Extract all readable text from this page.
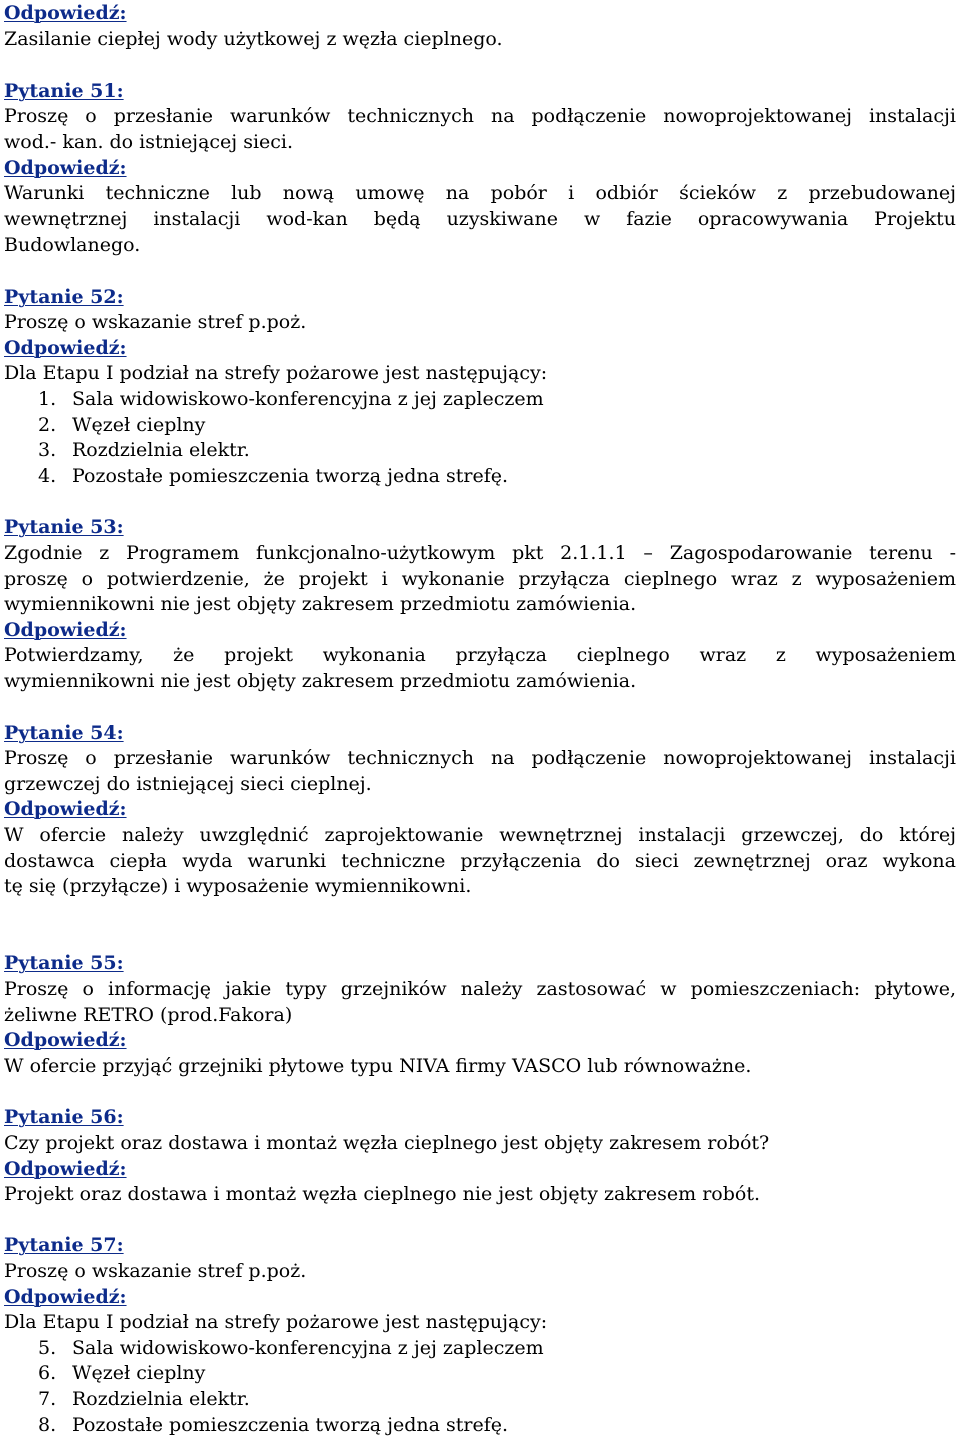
Odpowiedź:
Zasilanie ciepłej wody użytkowej z węzła cieplnego.
Pytanie 51:
Proszę o przesłanie warunków technicznych na podłączenie nowoprojektowanej instalacji
wod.- kan. do istniejącej sieci.
Odpowiedź:
Warunki techniczne lub nową umowę na pobór i odbiór ścieków z przebudowanej
wewnętrznej instalacji wod-kan będą uzyskiwane w fazie opracowywania Projektu
Budowlanego.
Pytanie 52:
Proszę o wskazanie stref p.poż.
Odpowiedź:
Dla Etapu I podział na strefy pożarowe jest następujący:
1. Sala widowiskowo-konferencyjna z jej zapleczem
2. Węzeł cieplny
3. Rozdzielnia elektr.
4. Pozostałe pomieszczenia tworzą jedna strefę.
Pytanie 53:
Zgodnie z Programem funkcjonalno-użytkowym pkt 2.1.1.1 – Zagospodarowanie terenu -
proszę o potwierdzenie, że projekt i wykonanie przyłącza cieplnego wraz z wyposażeniem
wymiennikowni nie jest objęty zakresem przedmiotu zamówienia.
Odpowiedź:
Potwierdzamy, że projekt wykonania przyłącza cieplnego wraz z wyposażeniem
wymiennikowni nie jest objęty zakresem przedmiotu zamówienia.
Pytanie 54:
Proszę o przesłanie warunków technicznych na podłączenie nowoprojektowanej instalacji
grzewczej do istniejącej sieci cieplnej.
Odpowiedź:
W ofercie należy uwzględnić zaprojektowanie wewnętrznej instalacji grzewczej, do której
dostawca ciepła wyda warunki techniczne przyłączenia do sieci zewnętrznej oraz wykona
tę się (przyłącze) i wyposażenie wymiennikowni.
Pytanie 55:
Proszę o informację jakie typy grzejników należy zastosować w pomieszczeniach: płytowe,
żeliwne RETRO (prod.Fakora)
Odpowiedź:
W ofercie przyjąć grzejniki płytowe typu NIVA firmy VASCO lub równoważne.
Pytanie 56:
Czy projekt oraz dostawa i montaż węzła cieplnego jest objęty zakresem robót?
Odpowiedź:
Projekt oraz dostawa i montaż węzła cieplnego nie jest objęty zakresem robót.
Pytanie 57:
Proszę o wskazanie stref p.poż.
Odpowiedź:
Dla Etapu I podział na strefy pożarowe jest następujący:
5. Sala widowiskowo-konferencyjna z jej zapleczem
6. Węzeł cieplny
7. Rozdzielnia elektr.
8. Pozostałe pomieszczenia tworzą jedna strefę.
